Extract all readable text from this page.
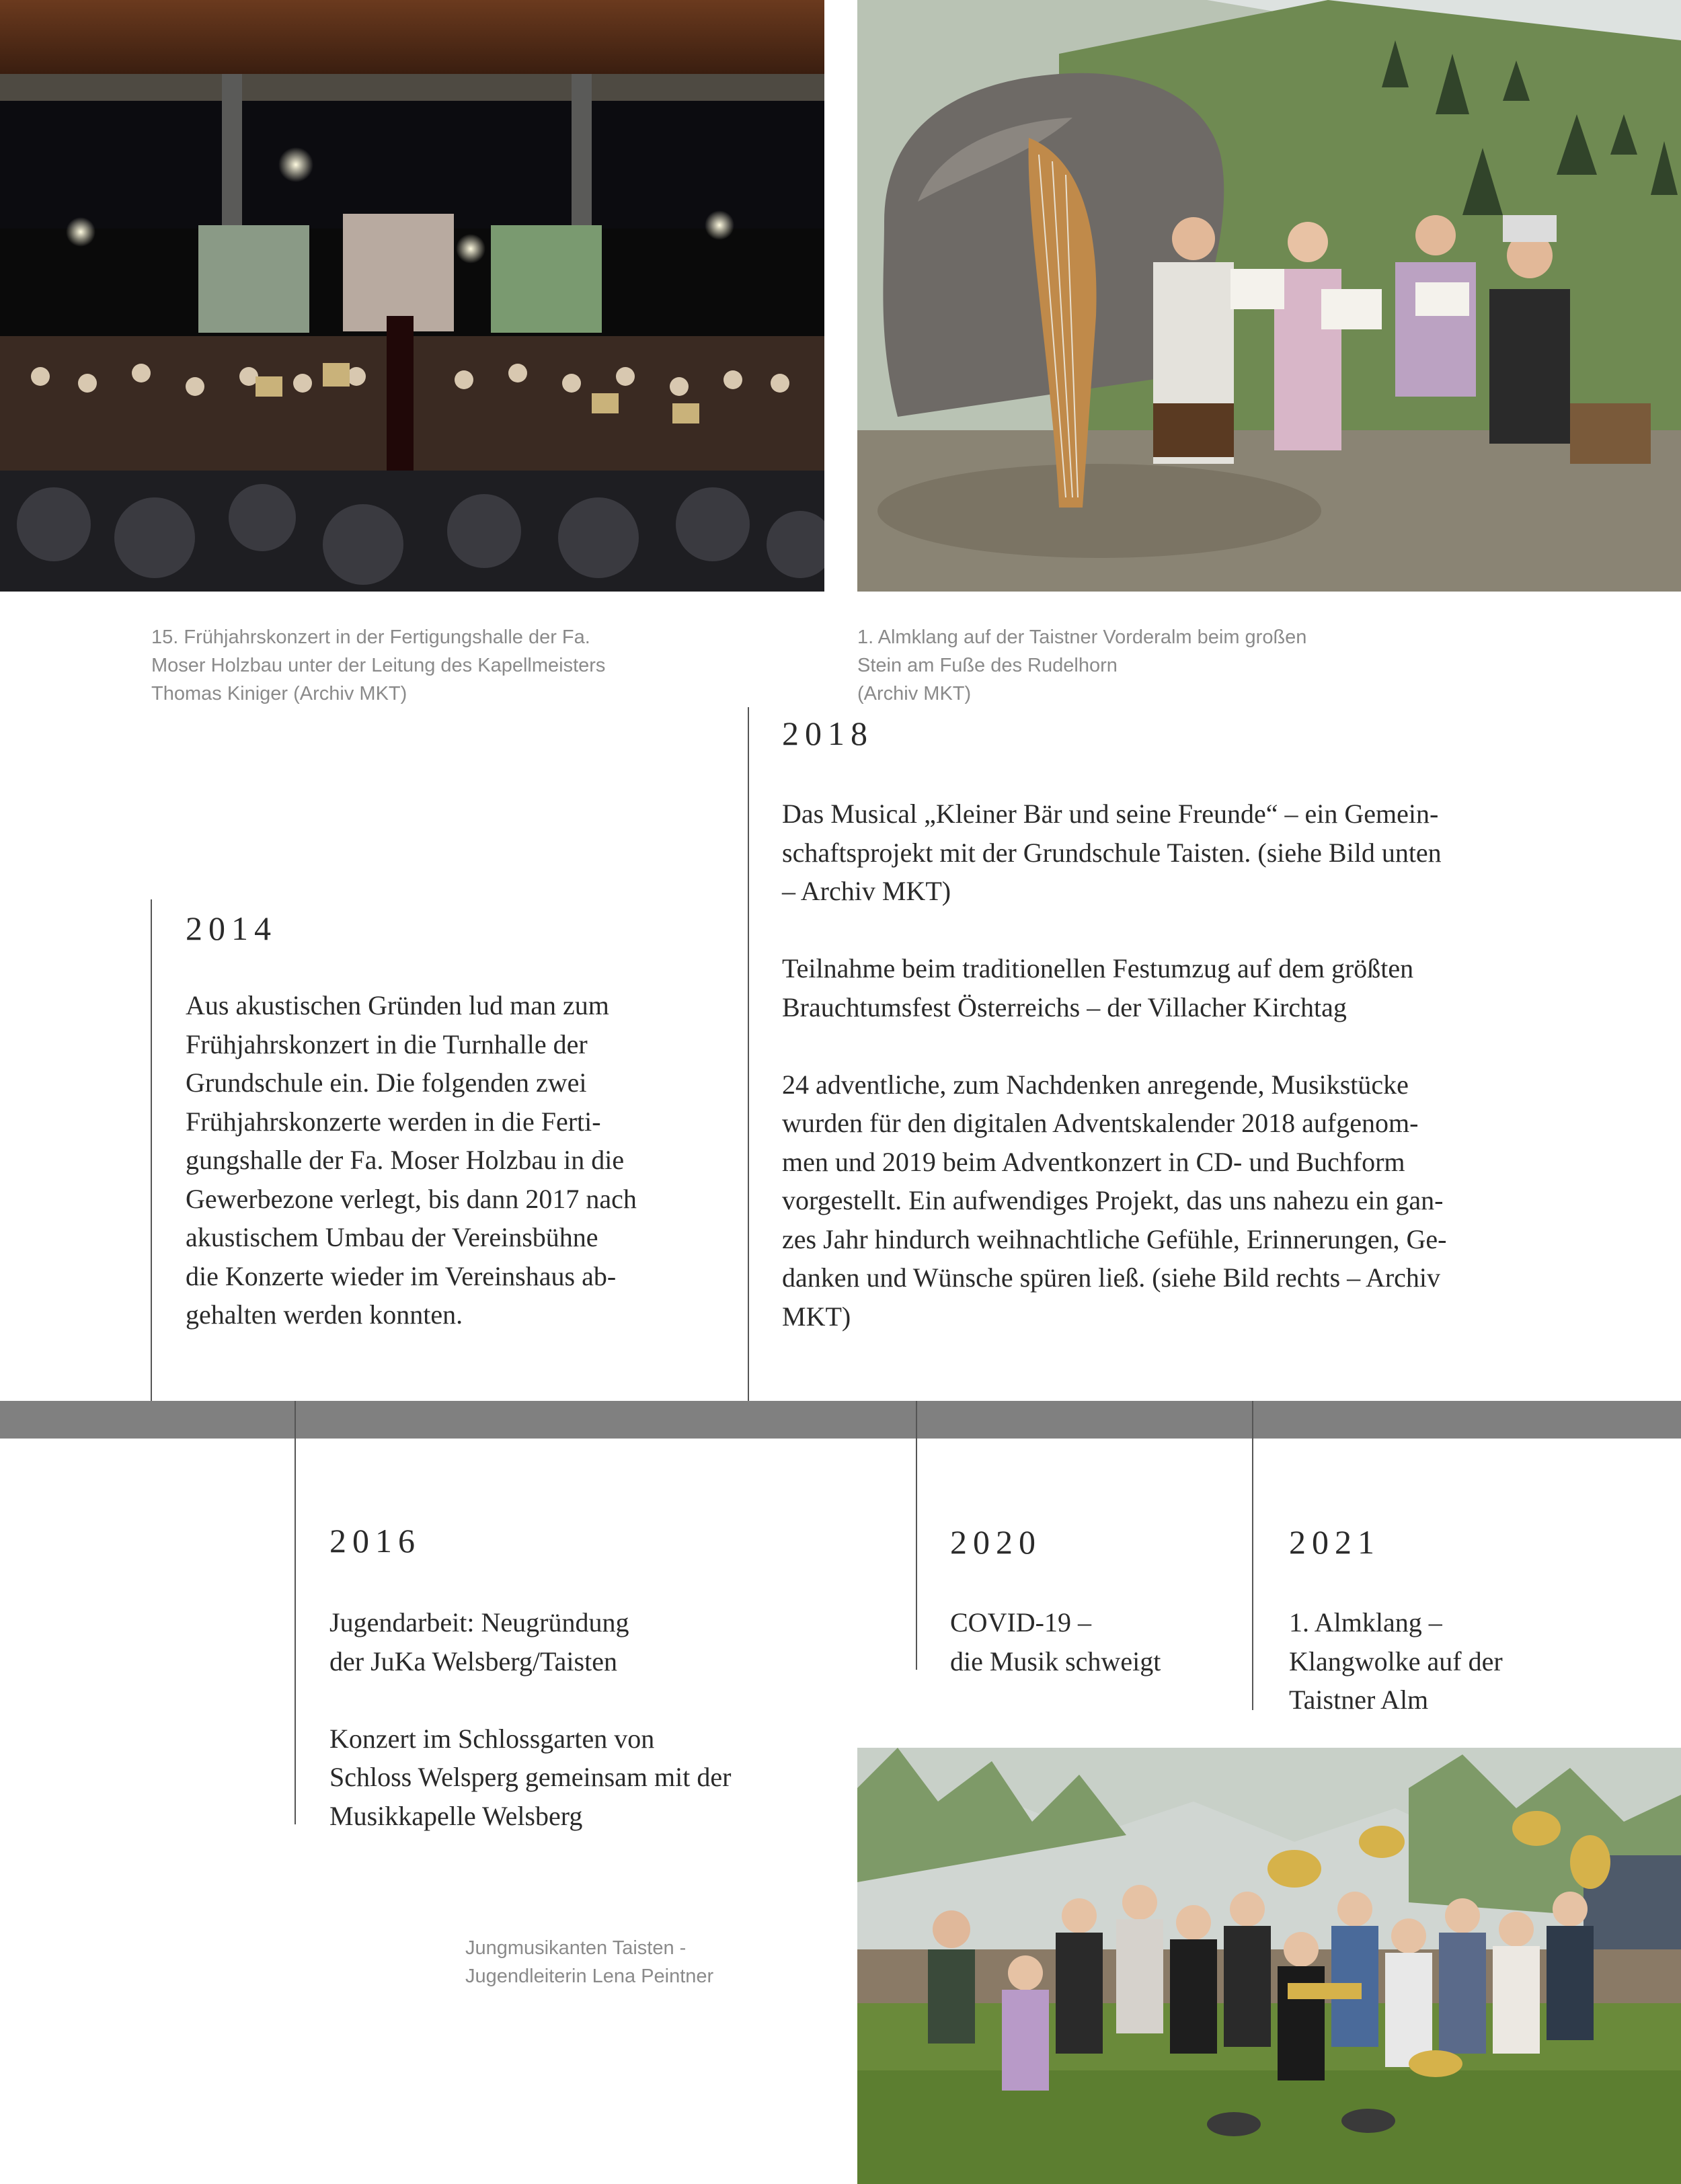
15. Frühjahrskonzert in der Fertigungshalle der Fa.
Moser Holzbau unter der Leitung des Kapellmeisters
Thomas Kiniger (Archiv MKT)
1. Almklang auf der Taistner Vorderalm beim großen
Stein am Fuße des Rudelhorn
(Archiv MKT)
2018
Das Musical „Kleiner Bär und seine Freunde“ – ein Gemein-
schaftsprojekt mit der Grundschule Taisten. (siehe Bild unten
– Archiv MKT)
Teilnahme beim traditionellen Festumzug auf dem größten
Brauchtumsfest Österreichs – der Villacher Kirchtag
24 adventliche, zum Nachdenken anregende, Musikstücke
wurden für den digitalen Adventskalender 2018 aufgenom-
men und 2019 beim Adventkonzert in CD- und Buchform
vorgestellt. Ein aufwendiges Projekt, das uns nahezu ein gan-
zes Jahr hindurch weihnachtliche Gefühle, Erinnerungen, Ge-
danken und Wünsche spüren ließ. (siehe Bild rechts – Archiv
MKT)
2014
Aus akustischen Gründen lud man zum
Frühjahrskonzert in die Turnhalle der
Grundschule ein. Die folgenden zwei
Frühjahrskonzerte werden in die Ferti-
gungshalle der Fa. Moser Holzbau in die
Gewerbezone verlegt, bis dann 2017 nach
akustischem Umbau der Vereinsbühne
die Konzerte wieder im Vereinshaus ab-
gehalten werden konnten.
2016
Jugendarbeit: Neugründung
der JuKa Welsberg/Taisten
Konzert im Schlossgarten von
Schloss Welsperg gemeinsam mit der
Musikkapelle Welsberg
2020
COVID-19 –
die Musik schweigt
2021
1. Almklang –
Klangwolke auf der
Taistner Alm
Jungmusikanten Taisten -
Jugendleiterin Lena Peintner
